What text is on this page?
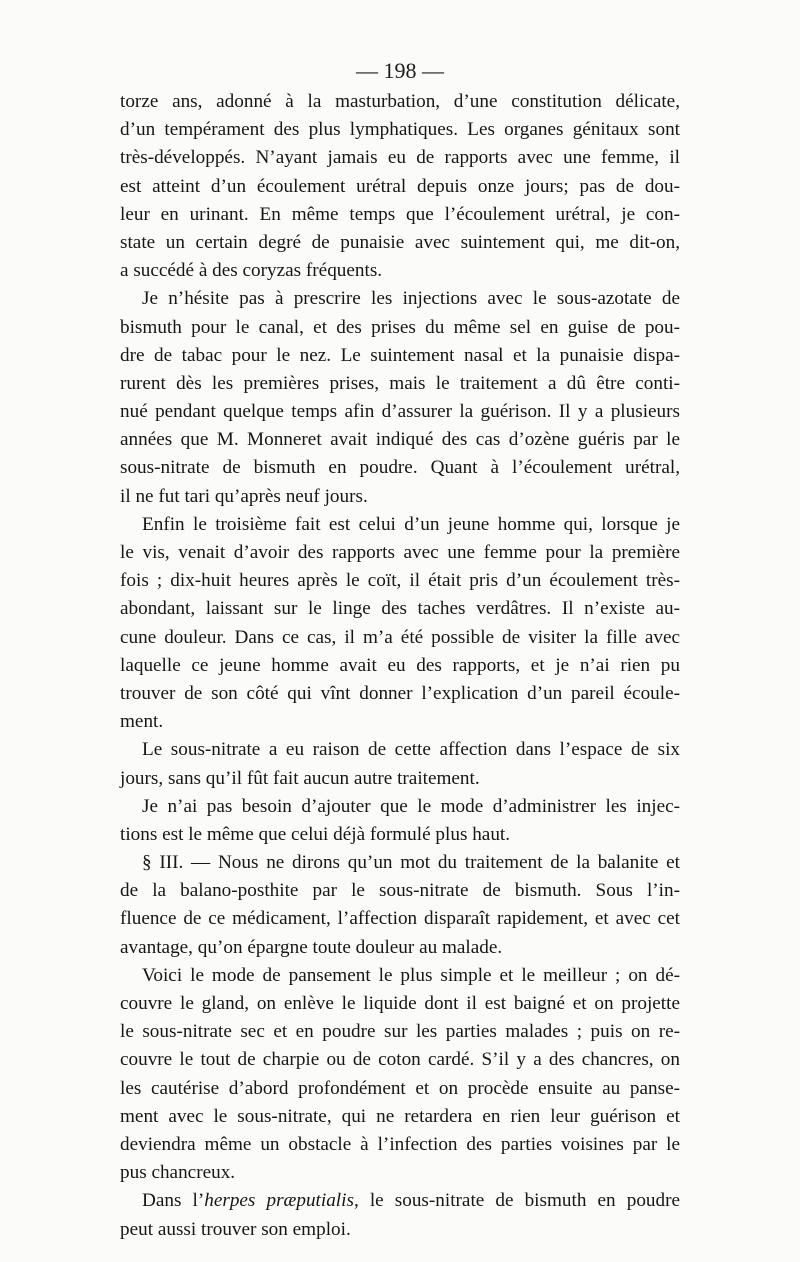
— 198 —
torze ans, adonné à la masturbation, d’une constitution délicate,
d’un tempérament des plus lymphatiques. Les organes génitaux sont
très-développés. N’ayant jamais eu de rapports avec une femme, il
est atteint d’un écoulement urétral depuis onze jours; pas de dou-
leur en urinant. En même temps que l’écoulement urétral, je con-
state un certain degré de punaisie avec suintement qui, me dit-on,
a succédé à des coryzas fréquents.
Je n’hésite pas à prescrire les injections avec le sous-azotate de
bismuth pour le canal, et des prises du même sel en guise de pou-
dre de tabac pour le nez. Le suintement nasal et la punaisie dispa-
rurent dès les premières prises, mais le traitement a dû être conti-
nué pendant quelque temps afin d’assurer la guérison. Il y a plusieurs
années que M. Monneret avait indiqué des cas d’ozène guéris par le
sous-nitrate de bismuth en poudre. Quant à l’écoulement urétral,
il ne fut tari qu’après neuf jours.
Enfin le troisième fait est celui d’un jeune homme qui, lorsque je
le vis, venait d’avoir des rapports avec une femme pour la première
fois ; dix-huit heures après le coït, il était pris d’un écoulement très-
abondant, laissant sur le linge des taches verdâtres. Il n’existe au-
cune douleur. Dans ce cas, il m’a été possible de visiter la fille avec
laquelle ce jeune homme avait eu des rapports, et je n’ai rien pu
trouver de son côté qui vînt donner l’explication d’un pareil écoule-
ment.
Le sous-nitrate a eu raison de cette affection dans l’espace de six
jours, sans qu’il fût fait aucun autre traitement.
Je n’ai pas besoin d’ajouter que le mode d’administrer les injec-
tions est le même que celui déjà formulé plus haut.
§ III. — Nous ne dirons qu’un mot du traitement de la balanite et
de la balano-posthite par le sous-nitrate de bismuth. Sous l’in-
fluence de ce médicament, l’affection disparaît rapidement, et avec cet
avantage, qu’on épargne toute douleur au malade.
Voici le mode de pansement le plus simple et le meilleur ; on dé-
couvre le gland, on enlève le liquide dont il est baigné et on projette
le sous-nitrate sec et en poudre sur les parties malades ; puis on re-
couvre le tout de charpie ou de coton cardé. S’il y a des chancres, on
les cautérise d’abord profondément et on procède ensuite au panse-
ment avec le sous-nitrate, qui ne retardera en rien leur guérison et
deviendra même un obstacle à l’infection des parties voisines par le
pus chancreux.
Dans l’herpes præputialis, le sous-nitrate de bismuth en poudre
peut aussi trouver son emploi.
